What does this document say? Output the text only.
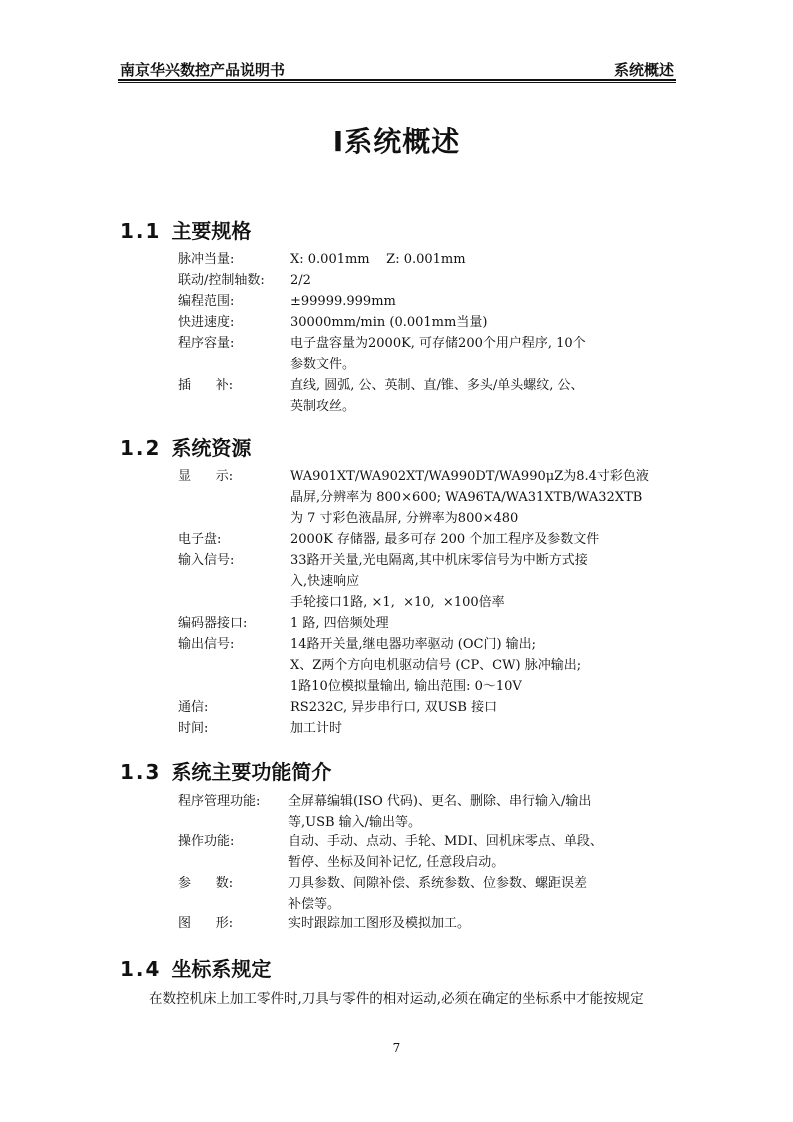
南京华兴数控产品说明书	系统概述
Ⅰ系统概述
1.1 主要规格
脉冲当量:	X: 0.001mm    Z: 0.001mm
联动/控制轴数: 2/2
编程范围:	±99999.999mm
快进速度:	30000mm/min (0.001mm当量)
程序容量:	电子盘容量为2000K, 可存储200个用户程序, 10个
参数文件。
插      补:	直线, 圆弧, 公、英制、直/锥、多头/单头螺纹, 公、
英制攻丝。
1.2 系统资源
显      示:	WA901XT/WA902XT/WA990DT/WA990μZ为8.4寸彩色液
晶屏,分辨率为 800×600; WA96TA/WA31XTB/WA32XTB
为 7 寸彩色液晶屏, 分辨率为800×480
电子盘:	2000K 存储器, 最多可存 200 个加工程序及参数文件
输入信号:	33路开关量,光电隔离,其中机床零信号为中断方式接
入,快速响应
手轮接口1路, ×1,  ×10,  ×100倍率
编码器接口:	1 路, 四倍频处理
输出信号:	14路开关量,继电器功率驱动 (OC门) 输出;
X、Z两个方向电机驱动信号 (CP、CW) 脉冲输出;
1路10位模拟量输出, 输出范围: 0～10V
通信:	RS232C, 异步串行口, 双USB 接口
时间:	加工计时
1.3 系统主要功能简介
程序管理功能: 全屏幕编辑(ISO 代码)、更名、删除、串行输入/输出
等,USB 输入/输出等。
操作功能:	自动、手动、点动、手轮、MDI、回机床零点、单段、
暂停、坐标及间补记忆, 任意段启动。
参      数:	刀具参数、间隙补偿、系统参数、位参数、螺距误差
补偿等。
图      形:	实时跟踪加工图形及模拟加工。
1.4 坐标系规定
在数控机床上加工零件时,刀具与零件的相对运动,必须在确定的坐标系中才能按规定
7
